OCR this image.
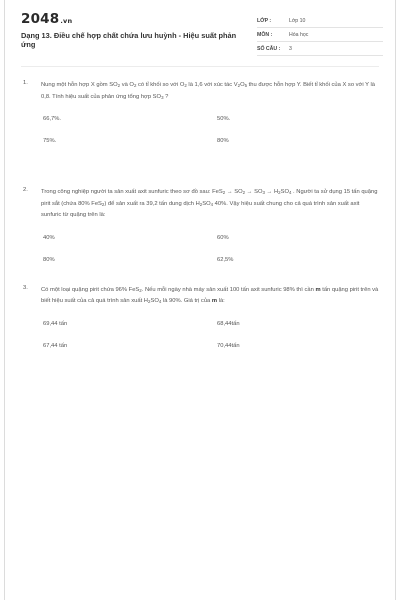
2048.vn
Dạng 13. Điều chế hợp chất chứa lưu huỳnh - Hiệu suất phản ứng
LỚP :	Lớp 10
MÔN :	Hóa học
SỐ CÂU : 3
1. Nung một hỗn hợp X gồm $SO_2$ và $O_2$ có tỉ khối so với $O_2$ là 1,6 với xúc tác $V_2O_5$ thu được hỗn hợp Y. Biết tỉ khối của X so với Y là 0,8. Tính hiệu suất của phản ứng tổng hợp $SO_3$ ?
66,7%.	50%.
75%.	80%
2. Trong công nghiệp người ta sản xuất axit sunfuric theo sơ đồ sau: $FeS_2 \to SO_2 \to SO_3 \to H_2SO_4$ . Người ta sử dụng 15 tấn quặng pirit sắt (chứa 80% FeS$_2$) để sản xuất ra 39,2 tấn dung dịch $H_2SO_4$ 40%. Vậy hiệu suất chung cho cả quá trình sản xuất axit sunfuric từ quặng trên là:
40%	60%
80%	62,5%
3. Có một loại quặng pirit chứa 96% FeS$_2$. Nếu mỗi ngày nhà máy sản xuất 100 tấn axit sunfuric 98% thì cần m tấn quặng pirit trên và biết hiệu suất của cả quá trình sản xuất $H_2SO_4$ là 90%. Giá trị của m là:
69,44 tấn	68,44tấn
67,44 tấn	70,44tấn
